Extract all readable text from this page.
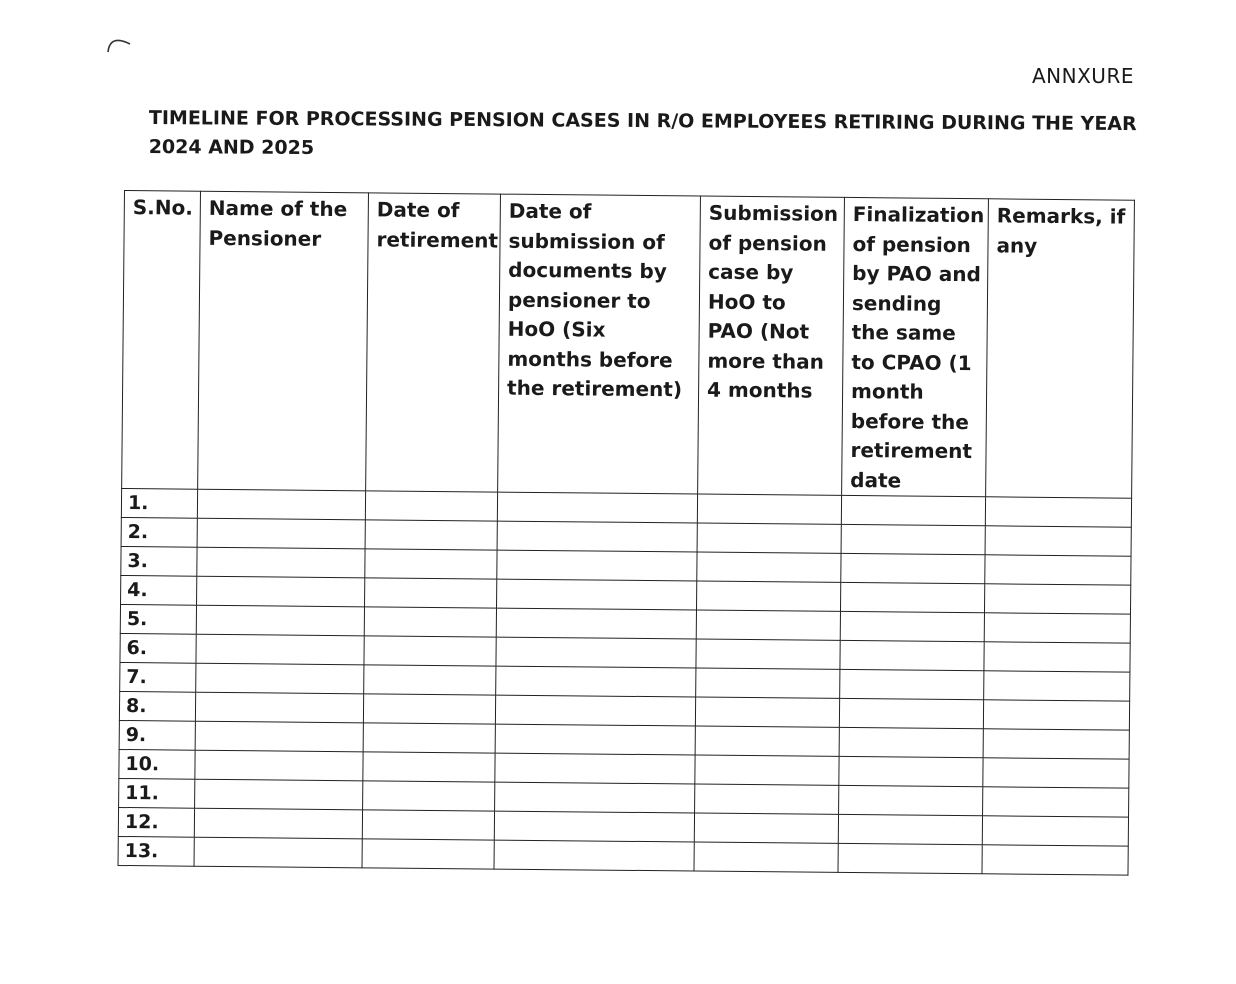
ANNXURE
TIMELINE FOR PROCESSING PENSION CASES IN R/O EMPLOYEES RETIRING DURING THE YEAR 2024 AND 2025
S.No.	Name of the Pensioner	Date of retirement	Date of submission of documents by pensioner to HoO (Six months before the retirement)	Submission of pension case by HoO to PAO (Not more than 4 months	Finalization of pension by PAO and sending the same to CPAO (1 month before the retirement date	Remarks, if any
1.						
2.						
3.						
4.						
5.						
6.						
7.						
8.						
9.						
10.						
11.						
12.						
13.						
